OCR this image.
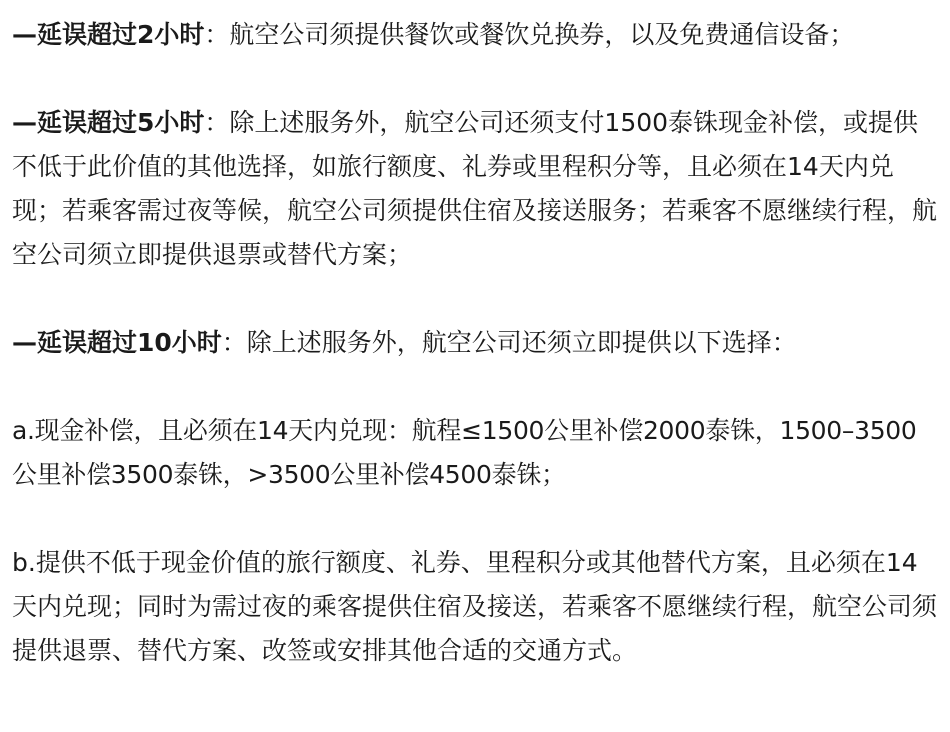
—延误超过2小时：航空公司须提供餐饮或餐饮兑换券，以及免费通信设备；

—延误超过5小时：除上述服务外，航空公司还须支付1500泰铢现金补偿，或提供不低于此价值的其他选择，如旅行额度、礼券或里程积分等，且必须在14天内兑现；若乘客需过夜等候，航空公司须提供住宿及接送服务；若乘客不愿继续行程，航空公司须立即提供退票或替代方案；

—延误超过10小时：除上述服务外，航空公司还须立即提供以下选择：

a.现金补偿，且必须在14天内兑现：航程≤1500公里补偿2000泰铢，1500–3500公里补偿3500泰铢，>3500公里补偿4500泰铢；

b.提供不低于现金价值的旅行额度、礼券、里程积分或其他替代方案，且必须在14天内兑现；同时为需过夜的乘客提供住宿及接送，若乘客不愿继续行程，航空公司须提供退票、替代方案、改签或安排其他合适的交通方式。
